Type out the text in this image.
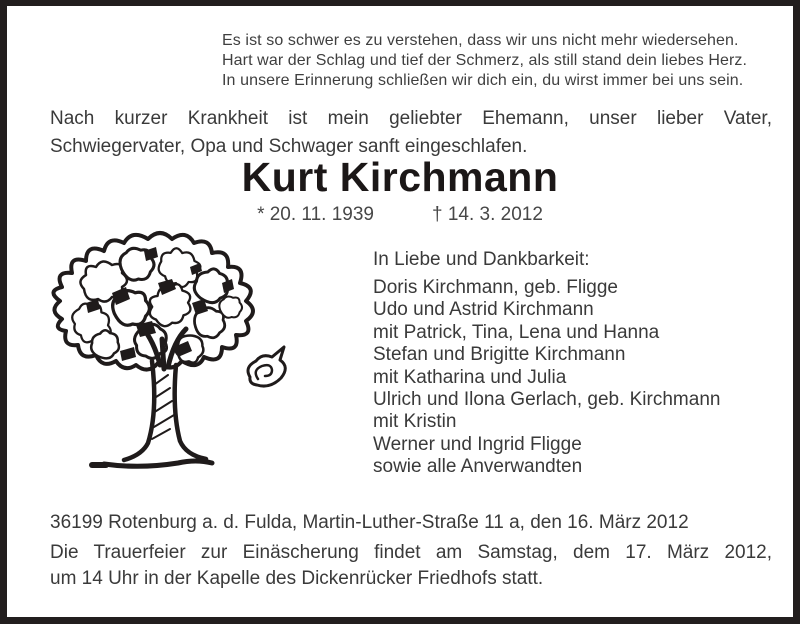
Es ist so schwer es zu verstehen, dass wir uns nicht mehr wiedersehen.
Hart war der Schlag und tief der Schmerz, als still stand dein liebes Herz.
In unsere Erinnerung schließen wir dich ein, du wirst immer bei uns sein.
Nach kurzer Krankheit ist mein geliebter Ehemann, unser lieber Vater,
Schwiegervater, Opa und Schwager sanft eingeschlafen.
Kurt Kirchmann
* 20. 11. 1939	† 14. 3. 2012
In Liebe und Dankbarkeit:
Doris Kirchmann, geb. Fligge
Udo und Astrid Kirchmann
mit Patrick, Tina, Lena und Hanna
Stefan und Brigitte Kirchmann
mit Katharina und Julia
Ulrich und Ilona Gerlach, geb. Kirchmann
mit Kristin
Werner und Ingrid Fligge
sowie alle Anverwandten
36199 Rotenburg a. d. Fulda, Martin-Luther-Straße 11 a, den 16. März 2012
Die Trauerfeier zur Einäscherung findet am Samstag, dem 17. März 2012,
um 14 Uhr in der Kapelle des Dickenrücker Friedhofs statt.
